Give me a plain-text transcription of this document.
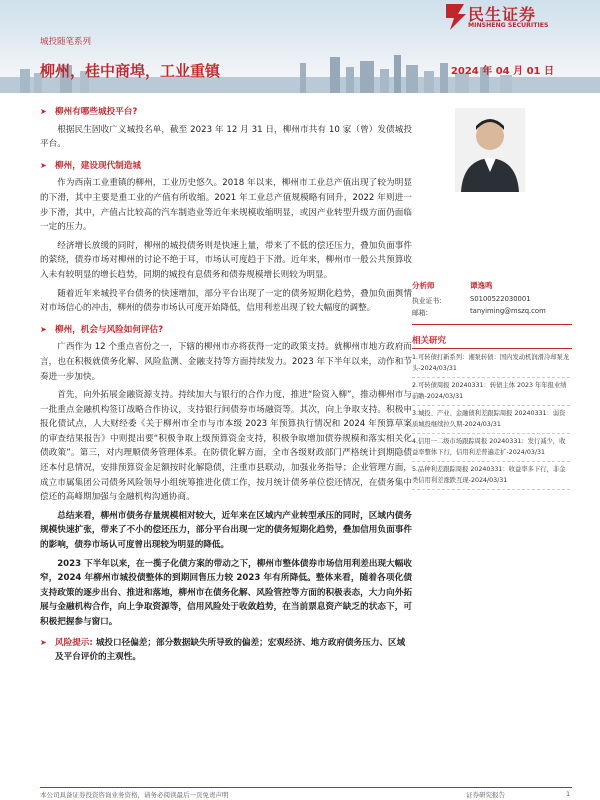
城投随笔系列
柳州，桂中商埠，工业重镇	2024 年 04 月 01 日
民生证券
MINSHENG SECURITIES
➤ 柳州有哪些城投平台?

根据民生固收广义城投名单，截至 2023 年 12 月 31 日，柳州市共有 10 家（曾）发债城投平台。

➤ 柳州，建设现代制造城

作为西南工业重镇的柳州，工业历史悠久。2018 年以来，柳州市工业总产值出现了较为明显的下滑，其中主要是重工业的产值有所收缩。2021 年工业总产值规模略有回升，2022 年则进一步下滑，其中，产值占比较高的汽车制造业等近年来规模收缩明显，或因产业转型升级方面仍面临一定的压力。

经济增长放缓的同时，柳州的城投债务则是快速上量，带来了不低的偿还压力，叠加负面事件的萦绕，债券市场对柳州的讨论不绝于耳，市场认可度趋于下滑。近年来，柳州市一般公共预算收入未有较明显的增长趋势，同期的城投有息债务和债券规模增长则较为明显。

随着近年来城投平台债务的快速增加，部分平台出现了一定的债务短期化趋势，叠加负面舆情对市场信心的冲击，柳州的债券市场认可度开始降低，信用利差出现了较大幅度的调整。

➤ 柳州，机会与风险如何评估?

广西作为 12 个重点省份之一，下辖的柳州市亦将获得一定的政策支持。就柳州市地方政府而言，也在积极就债务化解、风险监测、金融支持等方面持续发力。2023 年下半年以来，动作和节奏进一步加快。

首先，向外拓展金融资源支持。持续加大与银行的合作力度，推进“险资入柳”，推动柳州市与一批重点金融机构签订战略合作协议，支持银行间债券市场融资等。其次，向上争取支持。积极申报化债试点，人大财经委《关于柳州市全市与市本级 2023 年预算执行情况和 2024 年预算草案的审查结果报告》中则提出要“积极争取上级预算资金支持，积极争取增加债券规模和落实相关化债政策”。第三，对内理顺债务管理体系。在防债化解方面，全市各级财政部门严格统计到期隐债还本付息情况，安排预算资金足额按时化解隐债，注重市县联动，加强业务指导；企业管理方面，成立市属集团公司债务风险领导小组统筹推进化债工作，按月统计债务单位偿还情况，在债务集中偿还的高峰期加强与金融机构沟通协商。

总结来看，柳州市债务存量规模相对较大，近年来在区域内产业转型承压的同时，区域内债务规模快速扩张，带来了不小的偿还压力，部分平台出现一定的债务短期化趋势，叠加信用负面事件的影响，债券市场认可度曾出现较为明显的降低。

2023 下半年以来，在一揽子化债方案的带动之下，柳州市整体债券市场信用利差出现大幅收窄，2024 年柳州市城投债整体的到期回售压力较 2023 年有所降低。整体来看，随着各项化债支持政策的逐步出台、推进和落地，柳州市在债务化解、风险管控等方面的积极表态，大力向外拓展与金融机构合作，向上争取资源等，信用风险处于收敛趋势，在当前票息资产缺乏的状态下，可积极把握参与窗口。

➤ 风险提示: 城投口径偏差；部分数据缺失所导致的偏差；宏观经济、地方政府债务压力、区域及平台评价的主观性。
分析师	谭逸鸣
执业证书:	S0100522030001
邮箱:	tanyiming@mszq.com
相关研究
1.可转债打新系列：湘泵转债：国内发动机润滑冷却泵龙头-2024/03/31
2.可转债周报 20240331：转债主体 2023 年年报业绩前瞻-2024/03/31
3.城投、产业、金融债利差跟踪周报 20240331：弱资质城投继续拉久期-2024/03/31
4.信用一二级市场跟踪周报 20240331：发行减少，收益率整体下行，信用利差普遍走扩-2024/03/31
5.品种利差跟踪周报 20240331：收益率多下行，非金类信用利差涨跌互现-2024/03/31
本公司具备证券投资咨询业务资格，请务必阅读最后一页免责声明	证券研究报告	1
